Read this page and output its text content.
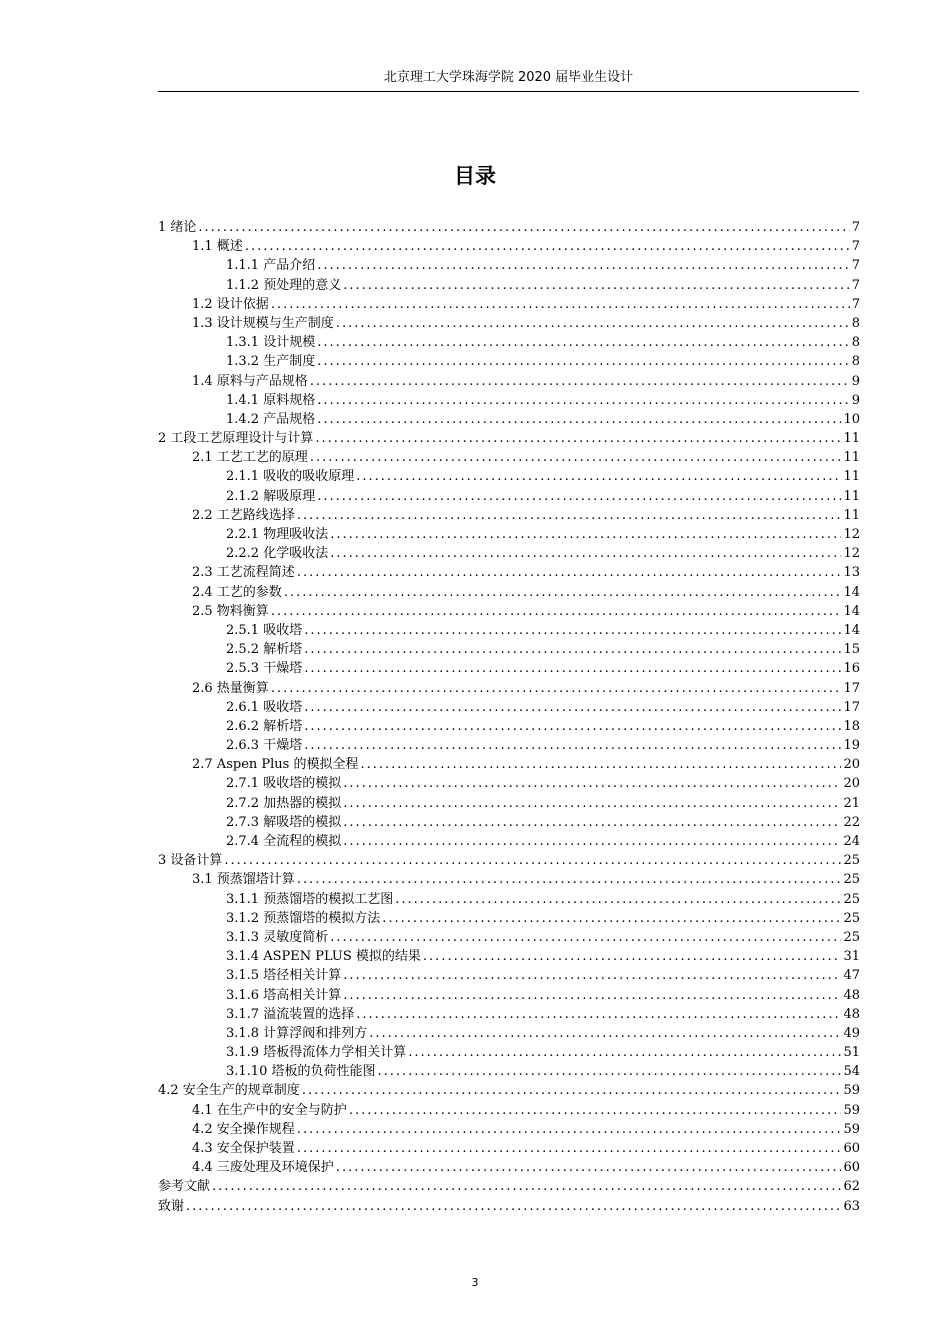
北京理工大学珠海学院 2020 届毕业生设计
目录
1 绪论 .....	7
1.1 概述 .....	7
1.1.1 产品介绍 .....	7
1.1.2 预处理的意义 .....	7
1.2 设计依据 .....	7
1.3 设计规模与生产制度 .....	8
1.3.1 设计规模 .....	8
1.3.2 生产制度 .....	8
1.4 原料与产品规格 .....	9
1.4.1 原料规格 .....	9
1.4.2 产品规格 .....	10
2 工段工艺原理设计与计算 .....	11
2.1 工艺工艺的原理 .....	11
2.1.1 吸收的吸收原理 .....	11
2.1.2 解吸原理 .....	11
2.2 工艺路线选择 .....	11
2.2.1 物理吸收法 .....	12
2.2.2 化学吸收法 .....	12
2.3 工艺流程简述 .....	13
2.4 工艺的参数 .....	14
2.5 物料衡算 .....	14
2.5.1 吸收塔 .....	14
2.5.2 解析塔 .....	15
2.5.3 干燥塔 .....	16
2.6 热量衡算 .....	17
2.6.1 吸收塔 .....	17
2.6.2 解析塔 .....	18
2.6.3 干燥塔 .....	19
2.7 Aspen Plus 的模拟全程 .....	20
2.7.1 吸收塔的模拟 .....	20
2.7.2 加热器的模拟 .....	21
2.7.3 解吸塔的模拟 .....	22
2.7.4 全流程的模拟 .....	24
3 设备计算 .....	25
3.1 预蒸馏塔计算 .....	25
3.1.1 预蒸馏塔的模拟工艺图 .....	25
3.1.2 预蒸馏塔的模拟方法 .....	25
3.1.3 灵敏度简析 .....	25
3.1.4 ASPEN PLUS 模拟的结果 .....	31
3.1.5 塔径相关计算 .....	47
3.1.6 塔高相关计算 .....	48
3.1.7 溢流装置的选择 .....	48
3.1.8 计算浮阀和排列方 .....	49
3.1.9 塔板得流体力学相关计算 .....	51
3.1.10 塔板的负荷性能图 .....	54
4.2 安全生产的规章制度 .....	59
4.1 在生产中的安全与防护 .....	59
4.2 安全操作规程 .....	59
4.3 安全保护装置 .....	60
4.4 三废处理及环境保护 .....	60
参考文献 .....	62
致谢 .....	63
3
